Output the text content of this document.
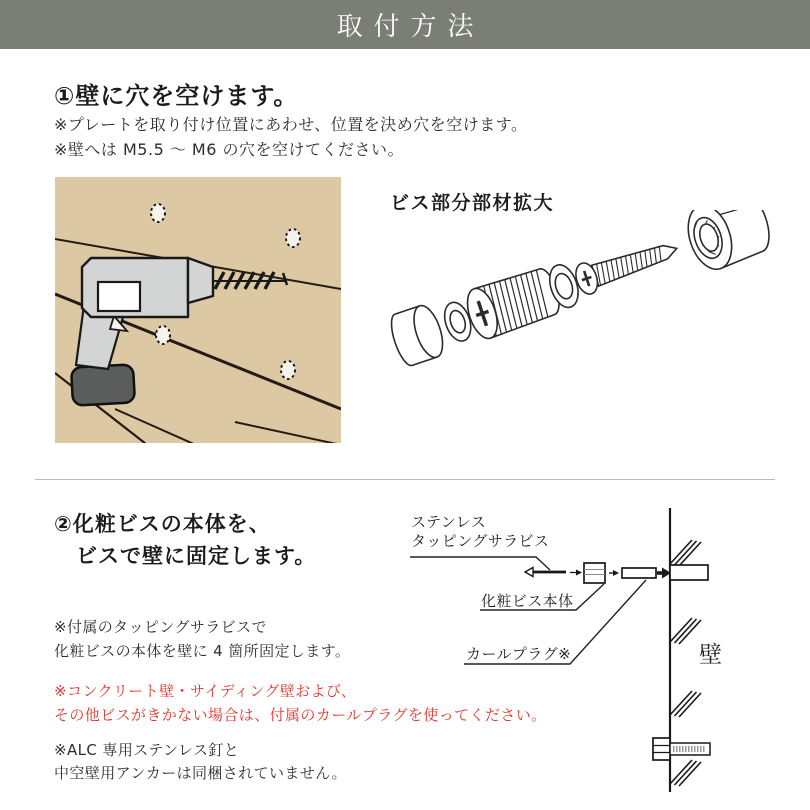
取付方法
①壁に穴を空けます。
※プレートを取り付け位置にあわせ、位置を決め穴を空けます。
※壁へは M5.5 〜 M6 の穴を空けてください。
ビス部分部材拡大
②化粧ビスの本体を、
ビスで壁に固定します。
※付属のタッピングサラビスで
化粧ビスの本体を壁に 4 箇所固定します。
※コンクリート壁・サイディング壁および、
その他ビスがきかない場合は、付属のカールプラグを使ってください。
※ALC 専用ステンレス釘と
中空壁用アンカーは同梱されていません。
ステンレス
タッピングサラビス
化粧ビス本体
カールプラグ※	壁
